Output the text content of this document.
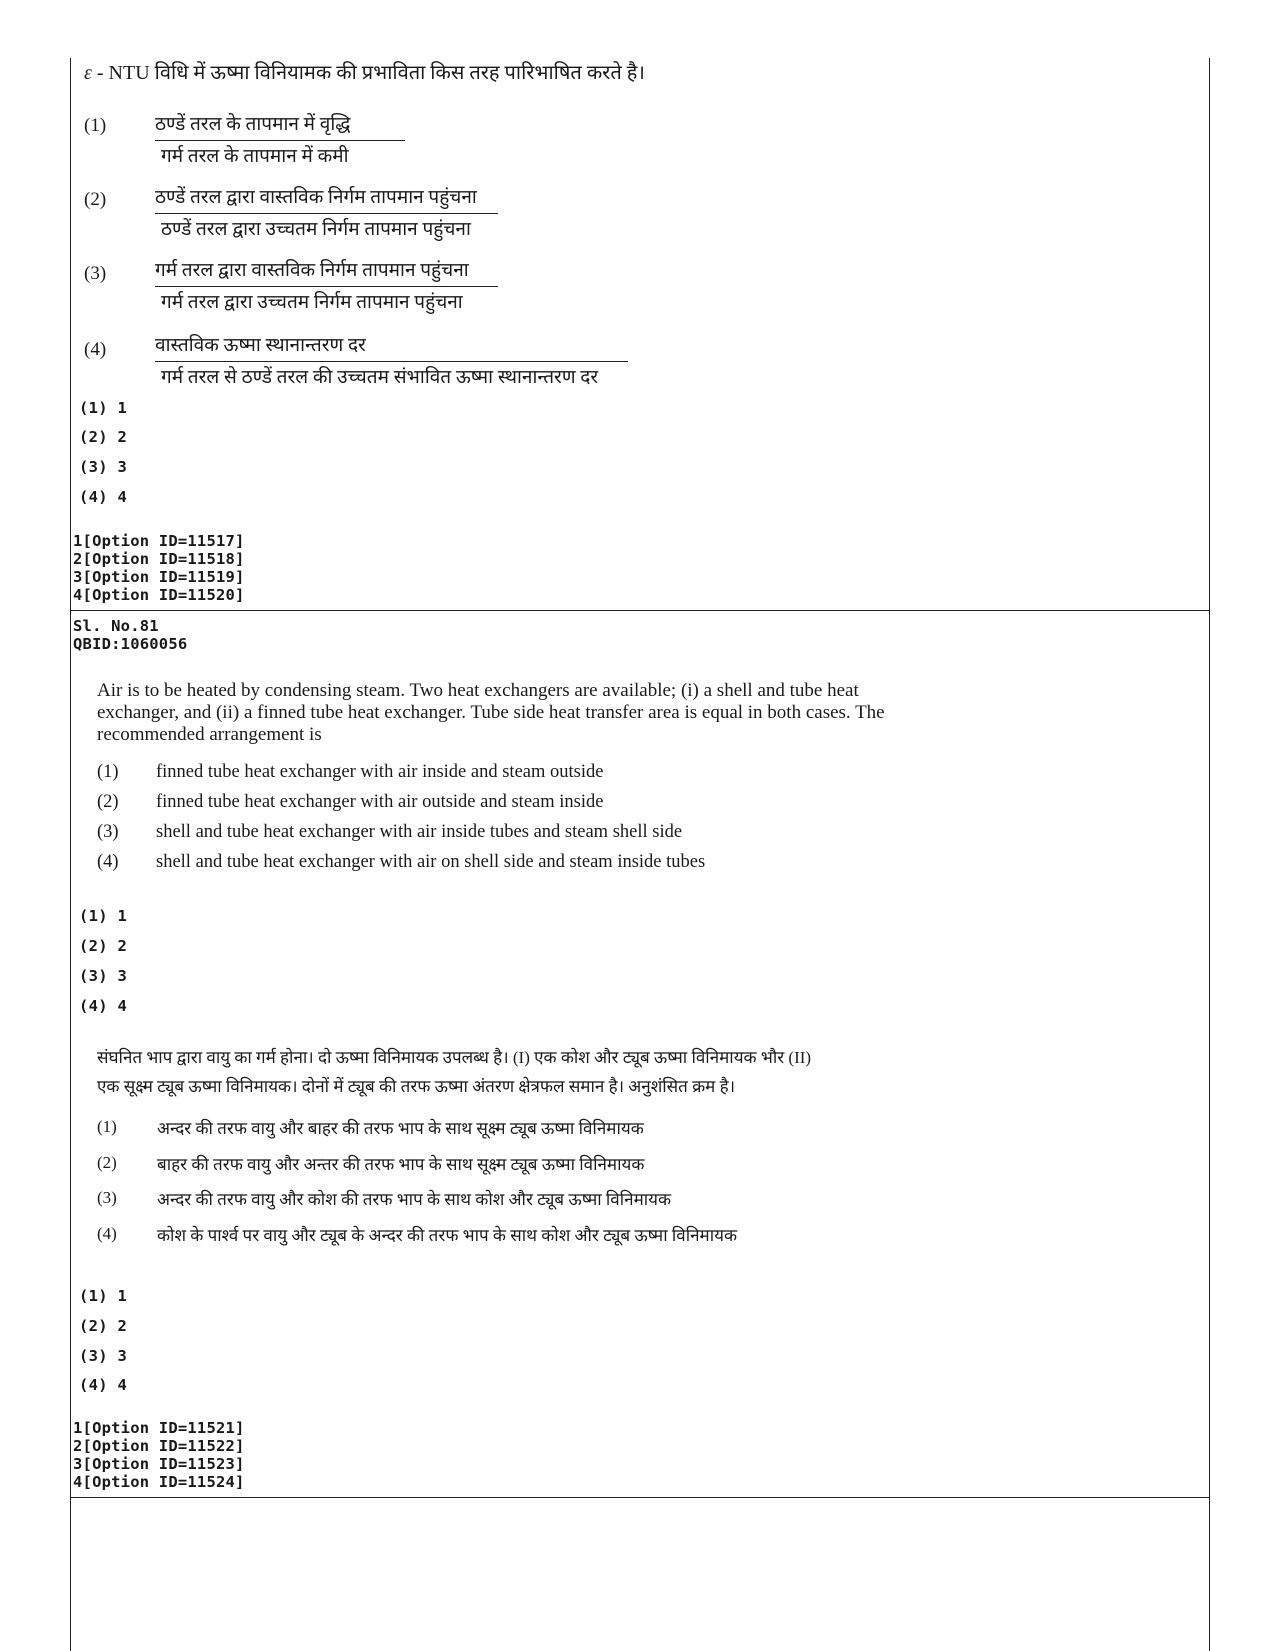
ε - NTU विधि में ऊष्मा विनियामक की प्रभाविता किस तरह पारिभाषित करते है।
(1)	ठण्डें तरल के तापमान में वृद्धि
गर्म तरल के तापमान में कमी
(2)	ठण्डें तरल द्वारा वास्तविक निर्गम तापमान पहुंचना
ठण्डें तरल द्वारा उच्चतम निर्गम तापमान पहुंचना
(3)	गर्म तरल द्वारा वास्तविक निर्गम तापमान पहुंचना
गर्म तरल द्वारा उच्चतम निर्गम तापमान पहुंचना
(4)	वास्तविक ऊष्मा स्थानान्तरण दर
गर्म तरल से ठण्डें तरल की उच्चतम संभावित ऊष्मा स्थानान्तरण दर
(1) 1
(2) 2
(3) 3
(4) 4
1[Option ID=11517]
2[Option ID=11518]
3[Option ID=11519]
4[Option ID=11520]
Sl. No.81
QBID:1060056
Air is to be heated by condensing steam. Two heat exchangers are available; (i) a shell and tube heat exchanger, and (ii) a finned tube heat exchanger. Tube side heat transfer area is equal in both cases. The recommended arrangement is
(1) finned tube heat exchanger with air inside and steam outside
(2) finned tube heat exchanger with air outside and steam inside
(3) shell and tube heat exchanger with air inside tubes and steam shell side
(4) shell and tube heat exchanger with air on shell side and steam inside tubes
(1) 1
(2) 2
(3) 3
(4) 4
संघनित भाप द्वारा वायु का गर्म होना। दो ऊष्मा विनिमायक उपलब्ध है। (I) एक कोश और ट्यूब ऊष्मा विनिमायक भौर (II)
एक सूक्ष्म ट्यूब ऊष्मा विनिमायक। दोनों में ट्यूब की तरफ ऊष्मा अंतरण क्षेत्रफल समान है। अनुशंसित क्रम है।
(1) अन्दर की तरफ वायु और बाहर की तरफ भाप के साथ सूक्ष्म ट्यूब ऊष्मा विनिमायक
(2) बाहर की तरफ वायु और अन्तर की तरफ भाप के साथ सूक्ष्म ट्यूब ऊष्मा विनिमायक
(3) अन्दर की तरफ वायु और कोश की तरफ भाप के साथ कोश और ट्यूब ऊष्मा विनिमायक
(4) कोश के पार्श्व पर वायु और ट्यूब के अन्दर की तरफ भाप के साथ कोश और ट्यूब ऊष्मा विनिमायक
(1) 1
(2) 2
(3) 3
(4) 4
1[Option ID=11521]
2[Option ID=11522]
3[Option ID=11523]
4[Option ID=11524]
